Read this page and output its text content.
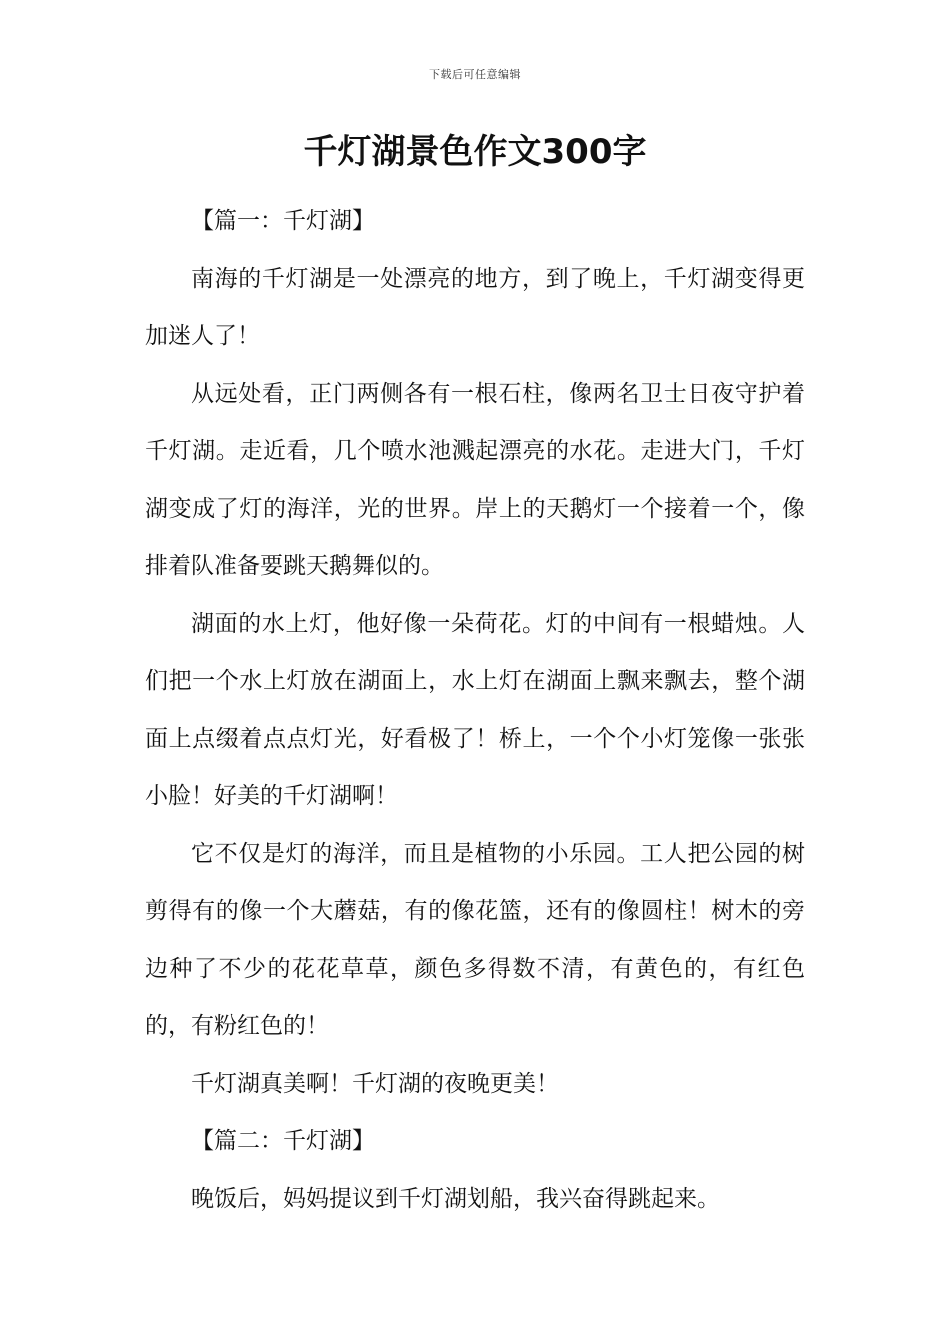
下载后可任意编辑
千灯湖景色作文300字

【篇一：千灯湖】

南海的千灯湖是一处漂亮的地方，到了晚上，千灯湖变得更加迷人了！

从远处看，正门两侧各有一根石柱，像两名卫士日夜守护着千灯湖。走近看，几个喷水池溅起漂亮的水花。走进大门，千灯湖变成了灯的海洋，光的世界。岸上的天鹅灯一个接着一个，像排着队准备要跳天鹅舞似的。

湖面的水上灯，他好像一朵荷花。灯的中间有一根蜡烛。人们把一个水上灯放在湖面上，水上灯在湖面上飘来飘去，整个湖面上点缀着点点灯光，好看极了！桥上，一个个小灯笼像一张张小脸！好美的千灯湖啊！

它不仅是灯的海洋，而且是植物的小乐园。工人把公园的树剪得有的像一个大蘑菇，有的像花篮，还有的像圆柱！树木的旁边种了不少的花花草草，颜色多得数不清，有黄色的，有红色的，有粉红色的！

千灯湖真美啊！千灯湖的夜晚更美！

【篇二：千灯湖】

晚饭后，妈妈提议到千灯湖划船，我兴奋得跳起来。
